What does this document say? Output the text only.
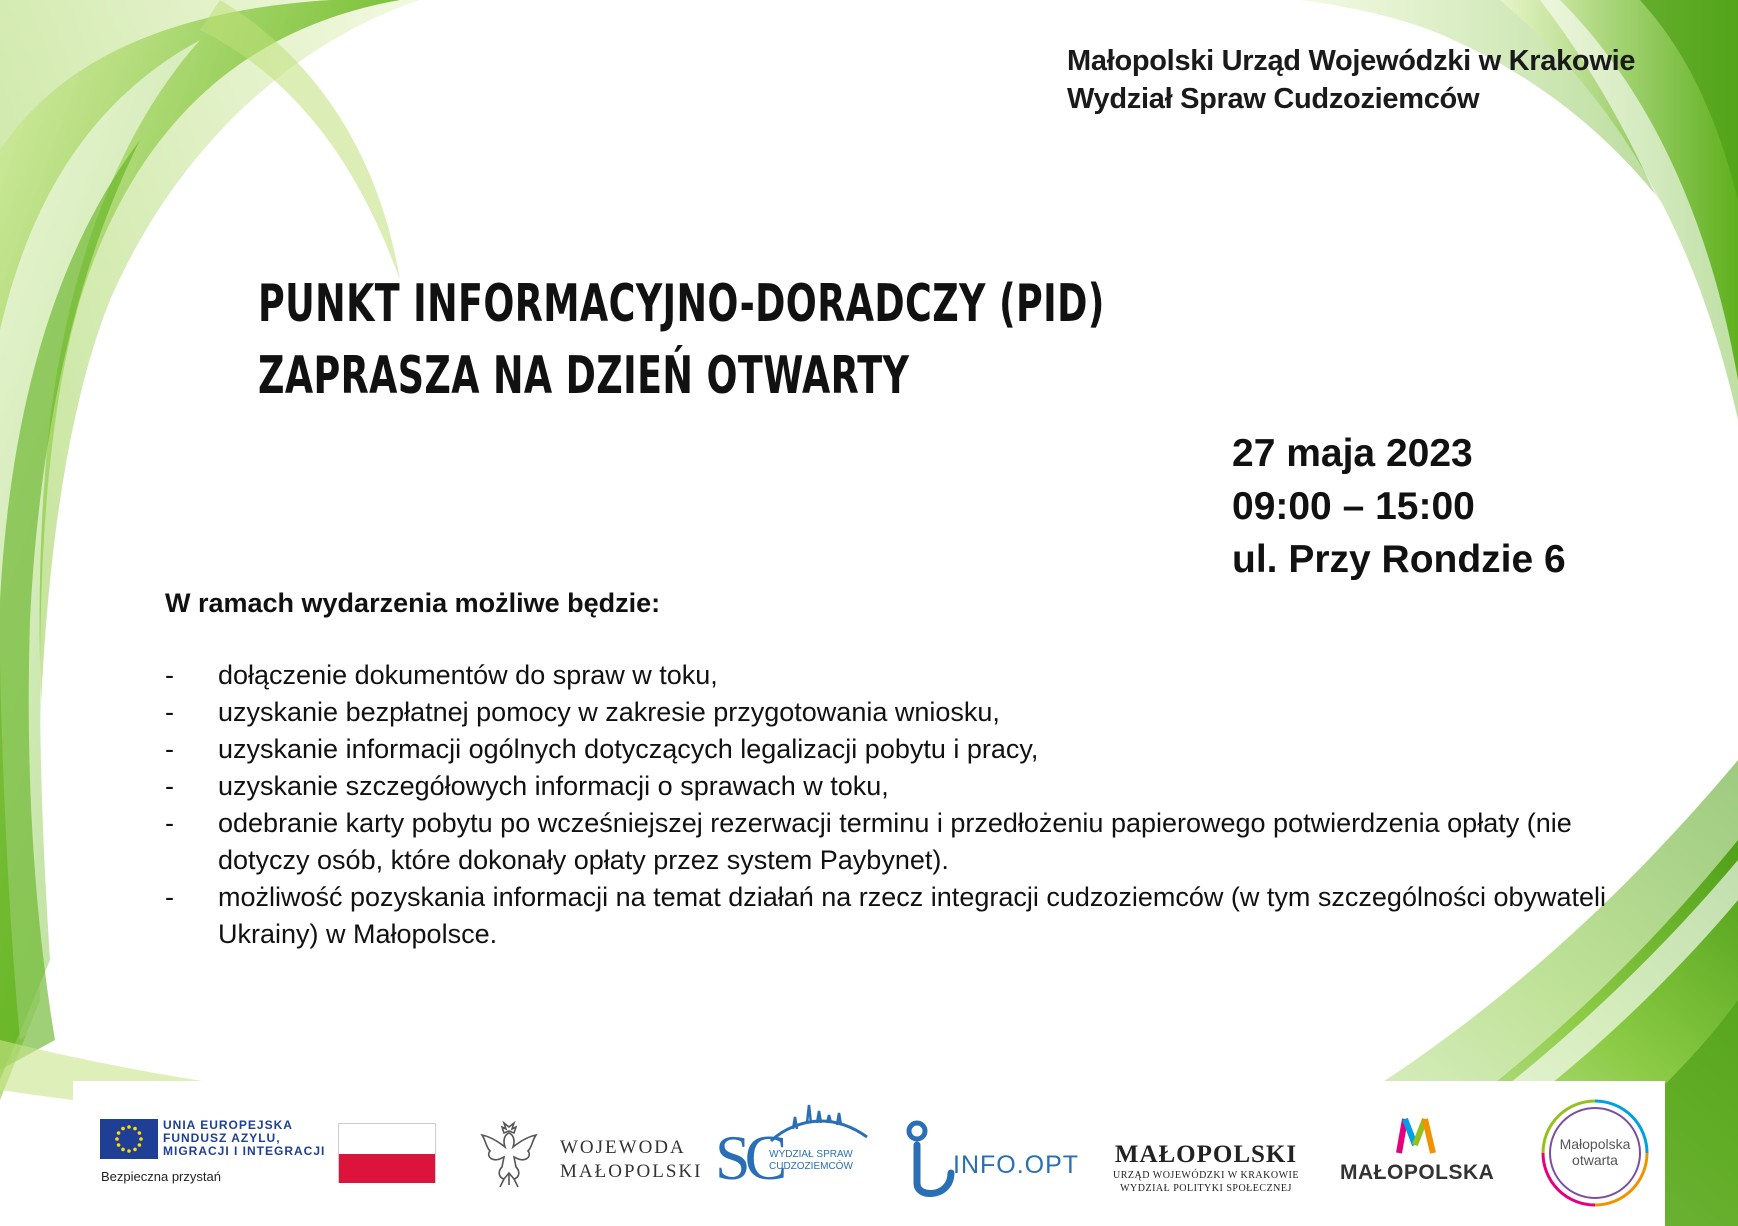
Małopolski Urząd Wojewódzki w Krakowie
Wydział Spraw Cudzoziemców
PUNKT INFORMACYJNO-DORADCZY (PID)
ZAPRASZA NA DZIEŃ OTWARTY
27 maja 2023
09:00 – 15:00
ul. Przy Rondzie 6
W ramach wydarzenia możliwe będzie:
-	dołączenie dokumentów do spraw w toku,
-	uzyskanie bezpłatnej pomocy w zakresie przygotowania wniosku,
-	uzyskanie informacji ogólnych dotyczących legalizacji pobytu i pracy,
-	uzyskanie szczegółowych informacji o sprawach w toku,
-	odebranie karty pobytu po wcześniejszej rezerwacji terminu i przedłożeniu papierowego potwierdzenia opłaty (nie dotyczy osób, które dokonały opłaty przez system Paybynet).
-	możliwość pozyskania informacji na temat działań na rzecz integracji cudzoziemców (w tym szczególności obywateli Ukrainy) w Małopolsce.
UNIA EUROPEJSKA
FUNDUSZ AZYLU,
MIGRACJI I INTEGRACJI
Bezpieczna przystań
WOJEWODA
MAŁOPOLSKI SC
WYDZIAŁ SPRAW
CUDZOZIEMCÓW	INFO.OPT MAŁOPOLSKI
URZĄD WOJEWÓDZKI W KRAKOWIE
WYDZIAŁ POLITYKI SPOŁECZNEJ
MAŁOPOLSKA
Małopolska
otwarta
